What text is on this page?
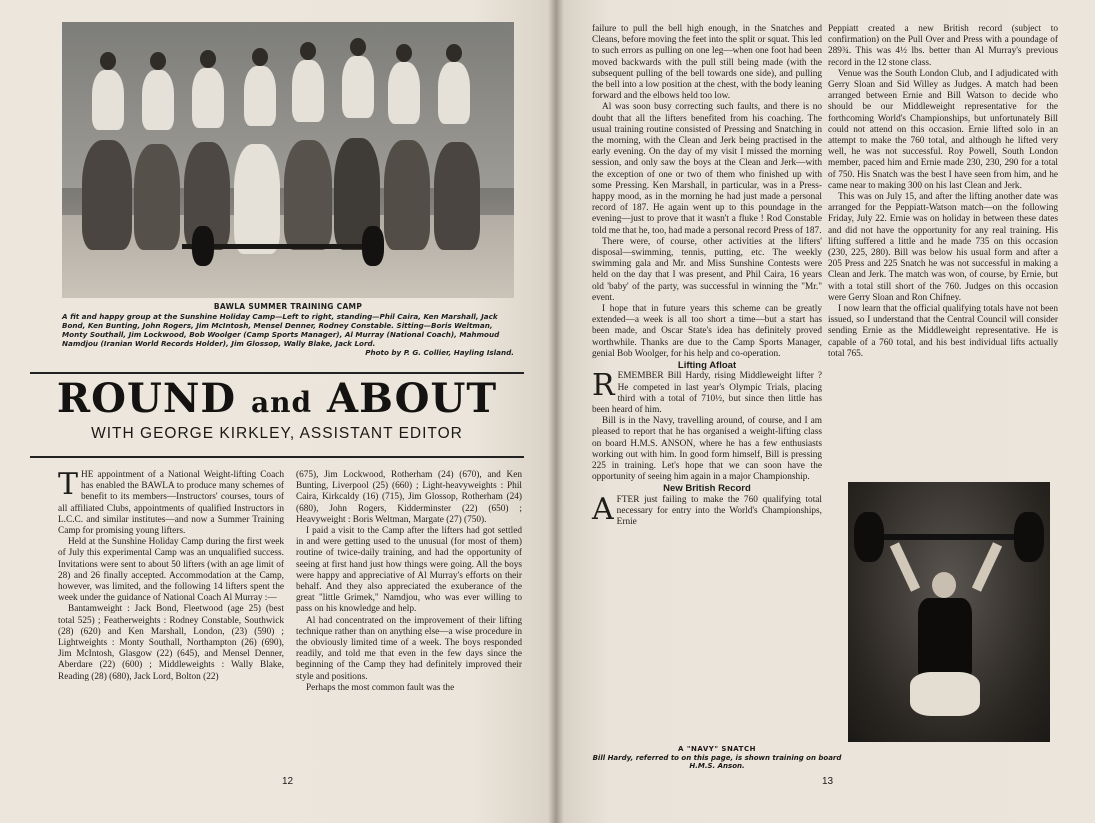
BAWLA SUMMER TRAINING CAMP
A fit and happy group at the Sunshine Holiday Camp—Left to right, standing—Phil Caira, Ken Marshall, Jack Bond, Ken Bunting, John Rogers, Jim McIntosh, Mensel Denner, Rodney Constable. Sitting—Boris Weltman, Monty Southall, Jim Lockwood, Bob Woolger (Camp Sports Manager), Al Murray (National Coach), Mahmoud Namdjou (Iranian World Records Holder), Jim Glossop, Wally Blake, Jack Lord.
Photo by P. G. Collier, Hayling Island.
ROUND and ABOUT
WITH GEORGE KIRKLEY, ASSISTANT EDITOR

THE appointment of a National Weight-lifting Coach has enabled the BAWLA to produce many schemes of benefit to its members—Instructors' courses, tours of all affiliated Clubs, appointments of qualified Instructors in L.C.C. and similar institutes—and now a Summer Training Camp for promising young lifters.

Held at the Sunshine Holiday Camp during the first week of July this experimental Camp was an unqualified success. Invitations were sent to about 50 lifters (with an age limit of 28) and 26 finally accepted. Accommodation at the Camp, however, was limited, and the following 14 lifters spent the week under the guidance of National Coach Al Murray :—

Bantamweight : Jack Bond, Fleetwood (age 25) (best total 525) ; Featherweights : Rodney Constable, Southwick (28) (620) and Ken Marshall, London, (23) (590) ; Lightweights : Monty Southall, Northampton (26) (690), Jim McIntosh, Glasgow (22) (645), and Mensel Denner, Aberdare (22) (600) ; Middleweights : Wally Blake, Reading (28) (680), Jack Lord, Bolton (22)

(675), Jim Lockwood, Rotherham (24) (670), and Ken Bunting, Liverpool (25) (660) ; Light-heavyweights : Phil Caira, Kirkcaldy (16) (715), Jim Glossop, Rotherham (24) (680), John Rogers, Kidderminster (22) (650) ; Heavyweight : Boris Weltman, Margate (27) (750).

I paid a visit to the Camp after the lifters had got settled in and were getting used to the unusual (for most of them) routine of twice-daily training, and had the opportunity of seeing at first hand just how things were going. All the boys were happy and appreciative of Al Murray's efforts on their behalf. And they also appreciated the exuberance of the great "little Grimek," Namdjou, who was ever willing to pass on his knowledge and help.

Al had concentrated on the improvement of their lifting technique rather than on anything else—a wise procedure in the obviously limited time of a week. The boys responded readily, and told me that even in the few days since the beginning of the Camp they had definitely improved their style and positions.

Perhaps the most common fault was the

12

failure to pull the bell high enough, in the Snatches and Cleans, before moving the feet into the split or squat. This led to such errors as pulling on one leg—when one foot had been moved backwards with the pull still being made (with the subsequent pulling of the bell towards one side), and pulling the bell into a low position at the chest, with the body leaning forward and the elbows held too low.

Al was soon busy correcting such faults, and there is no doubt that all the lifters benefited from his coaching. The usual training routine consisted of Pressing and Snatching in the morning, with the Clean and Jerk being practised in the early evening. On the day of my visit I missed the morning session, and only saw the boys at the Clean and Jerk—with the exception of one or two of them who finished up with some Pressing. Ken Marshall, in particular, was in a Press-happy mood, as in the morning he had just made a personal record of 187. He again went up to this poundage in the evening—just to prove that it wasn't a fluke ! Rod Constable told me that he, too, had made a personal record Press of 187.

There were, of course, other activities at the lifters' disposal—swimming, tennis, putting, etc. The weekly swimming gala and Mr. and Miss Sunshine Contests were held on the day that I was present, and Phil Caira, 16 years old 'baby' of the party, was successful in winning the "Mr." event.

I hope that in future years this scheme can be greatly extended—a week is all too short a time—but a start has been made, and Oscar State's idea has definitely proved worthwhile. Thanks are due to the Camp Sports Manager, genial Bob Woolger, for his help and co-operation.

Lifting Afloat

REMEMBER Bill Hardy, rising Middleweight lifter ? He competed in last year's Olympic Trials, placing third with a total of 710½, but since then little has been heard of him.

Bill is in the Navy, travelling around, of course, and I am pleased to report that he has organised a weight-lifting class on board H.M.S. ANSON, where he has a few enthusiasts working out with him. In good form himself, Bill is pressing 225 in training. Let's hope that we can soon have the opportunity of seeing him again in a major Championship.

New British Record

AFTER just failing to make the 760 qualifying total necessary for entry into the World's Championships, Ernie

Peppiatt created a new British record (subject to confirmation) on the Pull Over and Press with a poundage of 289¾. This was 4½ lbs. better than Al Murray's previous record in the 12 stone class.

Venue was the South London Club, and I adjudicated with Gerry Sloan and Sid Willey as Judges. A match had been arranged between Ernie and Bill Watson to decide who should be our Middleweight representative for the forthcoming World's Championships, but unfortunately Bill could not attend on this occasion. Ernie lifted solo in an attempt to make the 760 total, and although he lifted very well, he was not successful. Roy Powell, South London member, paced him and Ernie made 230, 230, 290 for a total of 750. His Snatch was the best I have seen from him, and he came near to making 300 on his last Clean and Jerk.

This was on July 15, and after the lifting another date was arranged for the Peppiatt-Watson match—on the following Friday, July 22. Ernie was on holiday in between these dates and did not have the opportunity for any real training. His lifting suffered a little and he made 735 on this occasion (230, 225, 280). Bill was below his usual form and after a 205 Press and 225 Snatch he was not successful in making a Clean and Jerk. The match was won, of course, by Ernie, but with a total still short of the 760. Judges on this occasion were Gerry Sloan and Ron Chifney.

I now learn that the official qualifying totals have not been issued, so I understand that the Central Council will consider sending Ernie as the Middleweight representative. He is capable of a 760 total, and his best individual lifts actually total 765.

13
A "NAVY" SNATCH
Bill Hardy, referred to on this page, is shown training on board H.M.S. Anson.
